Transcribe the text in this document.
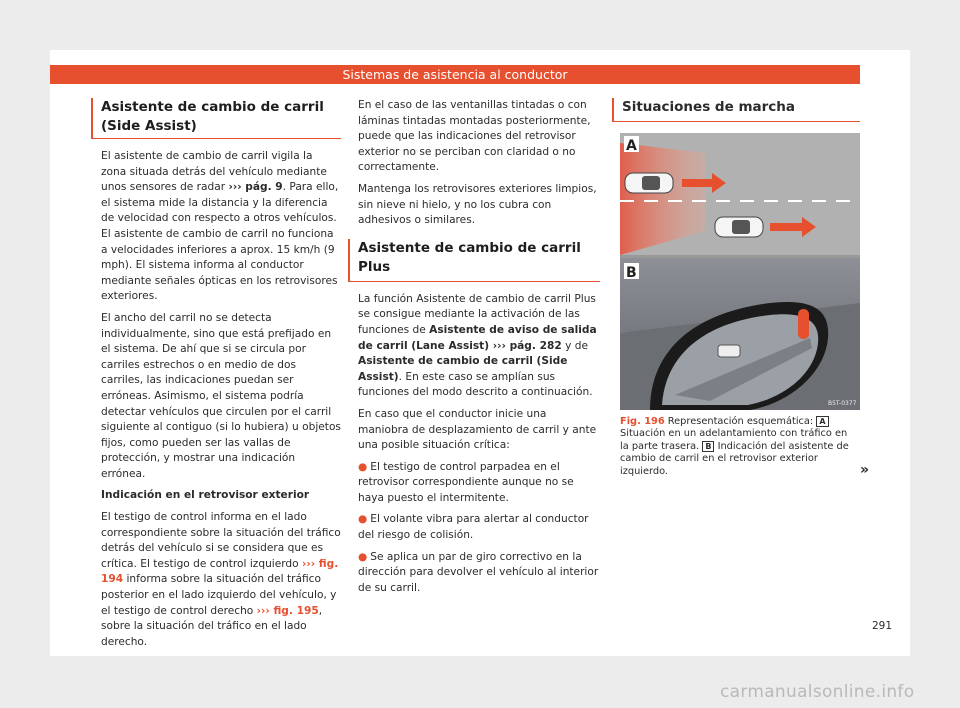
Sistemas de asistencia al conductor
Asistente de cambio de carril (Side Assist)

El asistente de cambio de carril vigila la zona situada detrás del vehículo mediante unos sensores de radar ››› pág. 9. Para ello, el sistema mide la distancia y la diferencia de velocidad con respecto a otros vehículos. El asistente de cambio de carril no funciona a velocidades inferiores a aprox. 15 km/h (9 mph). El sistema informa al conductor mediante señales ópticas en los retrovisores exteriores.

El ancho del carril no se detecta individualmente, sino que está prefijado en el sistema. De ahí que si se circula por carriles estrechos o en medio de dos carriles, las indicaciones puedan ser erróneas. Asimismo, el sistema podría detectar vehículos que circulen por el carril siguiente al contiguo (si lo hubiera) u objetos fijos, como pueden ser las vallas de protección, y mostrar una indicación errónea.

Indicación en el retrovisor exterior

El testigo de control informa en el lado correspondiente sobre la situación del tráfico detrás del vehículo si se considera que es crítica. El testigo de control izquierdo ››› fig. 194 informa sobre la situación del tráfico posterior en el lado izquierdo del vehículo, y el testigo de control derecho ››› fig. 195, sobre la situación del tráfico en el lado derecho.

En el caso de las ventanillas tintadas o con láminas tintadas montadas posteriormente, puede que las indicaciones del retrovisor exterior no se perciban con claridad o no correctamente.

Mantenga los retrovisores exteriores limpios, sin nieve ni hielo, y no los cubra con adhesivos o similares.

Asistente de cambio de carril Plus

La función Asistente de cambio de carril Plus se consigue mediante la activación de las funciones de Asistente de aviso de salida de carril (Lane Assist) ››› pág. 282 y de Asistente de cambio de carril (Side Assist). En este caso se amplían sus funciones del modo descrito a continuación.

En caso que el conductor inicie una maniobra de desplazamiento de carril y ante una posible situación crítica:

● El testigo de control parpadea en el retrovisor correspondiente aunque no se haya puesto el intermitente.

● El volante vibra para alertar al conductor del riesgo de colisión.

● Se aplica un par de giro correctivo en la dirección para devolver el vehículo al interior de su carril.

Situaciones de marcha
A
B
B5T-0377
Fig. 196 Representación esquemática: A Situación en un adelantamiento con tráfico en la parte trasera. B Indicación del asistente de cambio de carril en el retrovisor exterior izquierdo.	»
291
carmanualsonline.info
